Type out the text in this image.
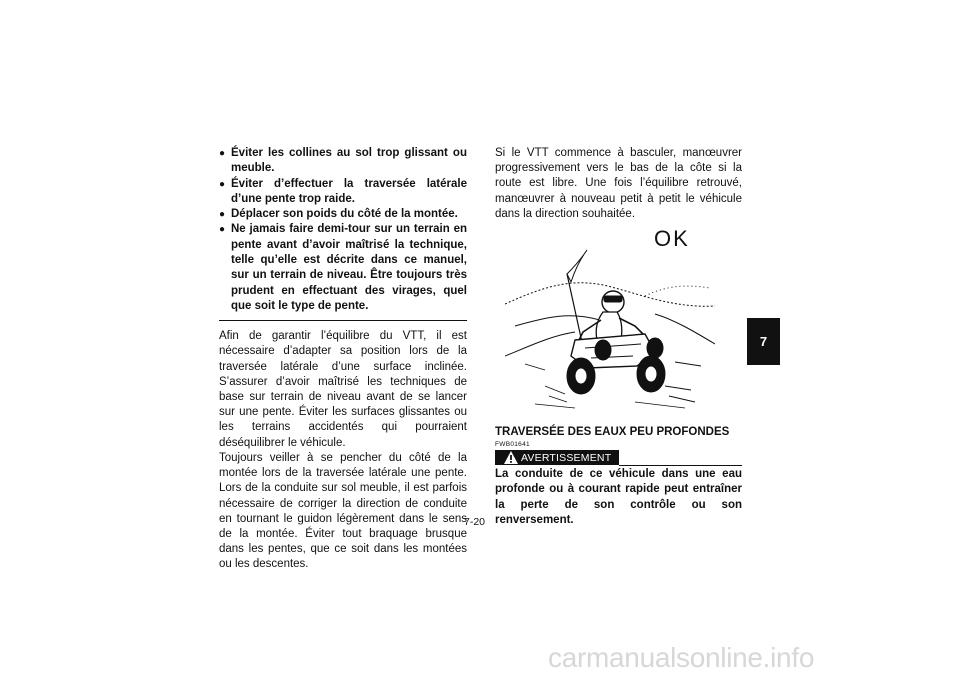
● Éviter les collines au sol trop glissant ou meuble.
● Éviter d’effectuer la traversée latérale d’une pente trop raide.
● Déplacer son poids du côté de la montée.
● Ne jamais faire demi-tour sur un terrain en pente avant d’avoir maîtrisé la technique, telle qu’elle est décrite dans ce manuel, sur un terrain de niveau. Être toujours très prudent en effectuant des virages, quel que soit le type de pente.

Afin de garantir l’équilibre du VTT, il est nécessaire d’adapter sa position lors de la traversée latérale d’une surface inclinée. S’assurer d’avoir maîtrisé les techniques de base sur terrain de niveau avant de se lancer sur une pente. Éviter les surfaces glissantes ou les terrains accidentés qui pourraient déséquilibrer le véhicule.

Toujours veiller à se pencher du côté de la montée lors de la traversée latérale une pente. Lors de la conduite sur sol meuble, il est parfois nécessaire de corriger la direction de conduite en tournant le guidon légèrement dans le sens de la montée. Éviter tout braquage brusque dans les pentes, que ce soit dans les montées ou les descentes.

Si le VTT commence à basculer, manœuvrer progressivement vers le bas de la côte si la route est libre. Une fois l’équilibre retrouvé, manœuvrer à nouveau petit à petit le véhicule dans la direction souhaitée.

OK
TRAVERSÉE DES EAUX PEU PROFONDES
FWB01641
AVERTISSEMENT

La conduite de ce véhicule dans une eau profonde ou à courant rapide peut entraîner la perte de son contrôle ou son renversement.

7-20
7
carmanualsonline.info
